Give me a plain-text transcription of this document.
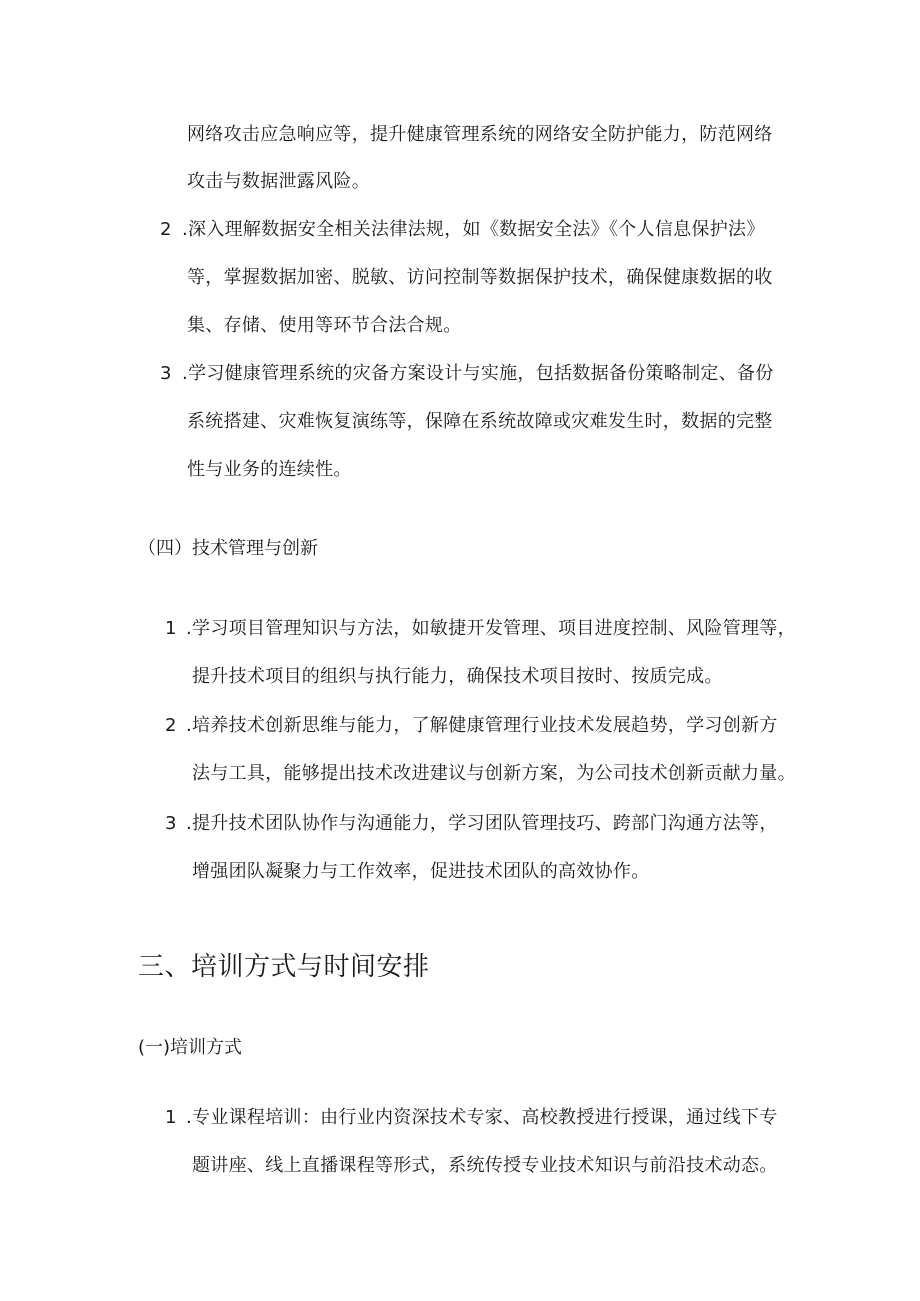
网络攻击应急响应等，提升健康管理系统的网络安全防护能力，防范网络
攻击与数据泄露风险。
2 .深入理解数据安全相关法律法规，如《数据安全法》《个人信息保护法》
等，掌握数据加密、脱敏、访问控制等数据保护技术，确保健康数据的收
集、存储、使用等环节合法合规。
3 .学习健康管理系统的灾备方案设计与实施，包括数据备份策略制定、备份
系统搭建、灾难恢复演练等，保障在系统故障或灾难发生时，数据的完整
性与业务的连续性。
（四）技术管理与创新
1 .学习项目管理知识与方法，如敏捷开发管理、项目进度控制、风险管理等，
提升技术项目的组织与执行能力，确保技术项目按时、按质完成。
2 .培养技术创新思维与能力，了解健康管理行业技术发展趋势，学习创新方
法与工具，能够提出技术改进建议与创新方案，为公司技术创新贡献力量。
3 .提升技术团队协作与沟通能力，学习团队管理技巧、跨部门沟通方法等，
增强团队凝聚力与工作效率，促进技术团队的高效协作。
三、培训方式与时间安排
(一)培训方式
1 .专业课程培训：由行业内资深技术专家、高校教授进行授课，通过线下专
题讲座、线上直播课程等形式，系统传授专业技术知识与前沿技术动态。
